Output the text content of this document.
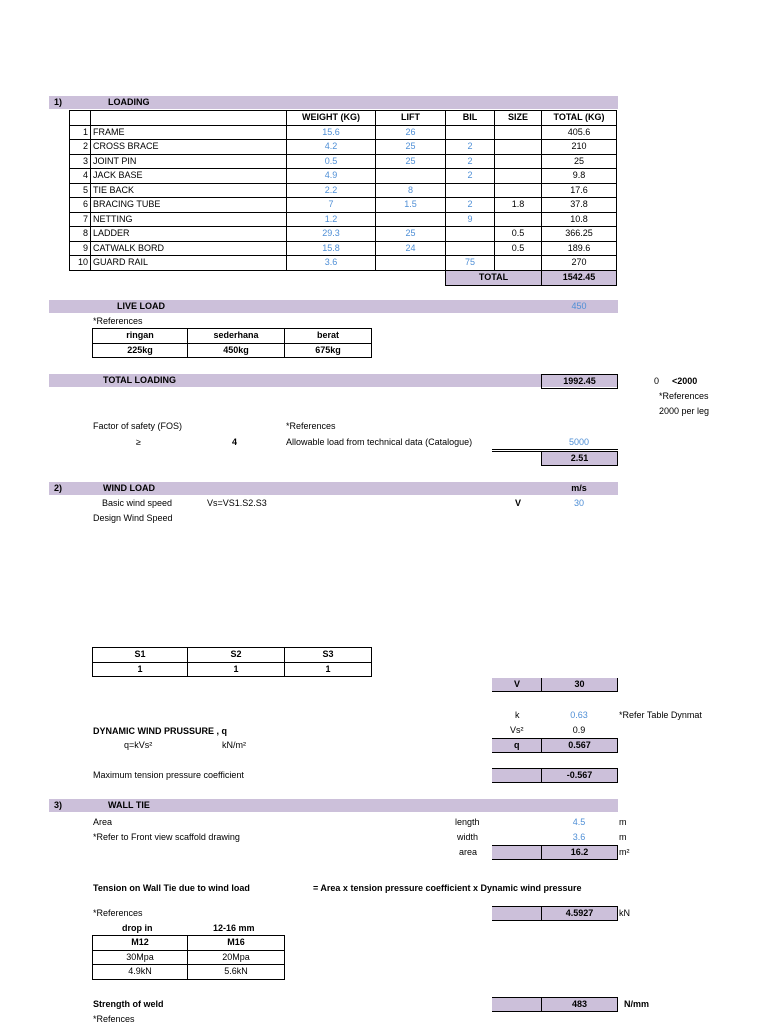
1)	LOADING
		WEIGHT (KG)	LIFT	BIL	SIZE	TOTAL (KG)
1	FRAME	15.6	26			405.6
2	CROSS BRACE	4.2	25	2		210
3	JOINT PIN	0.5	25	2		25
4	JACK BASE	4.9		2		9.8
5	TIE BACK	2.2	8			17.6
6	BRACING TUBE	7	1.5	2	1.8	37.8
7	NETTING	1.2		9		10.8
8	LADDER	29.3	25		0.5	366.25
9	CATWALK BORD	15.8	24		0.5	189.6
10	GUARD RAIL	3.6		75		270
				TOTAL		1542.45
LIVE LOAD	450
*References
ringan	sederhana	berat
225kg	450kg	675kg
TOTAL LOADING	1992.45	0 <2000
*References
2000 per leg
Factor of safety (FOS)	*References
≥	4	Allowable load from technical data (Catalogue)	5000
2.51
2)	WIND LOAD	m/s
Basic wind speed	Vs=VS1.S2.S3	V	30
Design Wind Speed
S1	S2	S3
1	1	1
V	30
k	0.63	*Refer Table Dynmat
DYNAMIC WIND PRUSSURE , q	Vs²	0.9
q=kVs²	kN/m²	q	0.567
Maximum tension pressure coefficient	-0.567
3)	WALL TIE
Area
*Refer to Front view scaffold drawing
length	4.5	m
width	3.6	m
area	16.2	m²
Tension on Wall Tie due to wind load	= Area x tension pressure coefficient x Dynamic wind pressure
*References	4.5927	kN
drop in	12-16 mm
M12	M16
30Mpa	20Mpa
4.9kN	5.6kN
Strength of weld	483	N/mm
*Refences
